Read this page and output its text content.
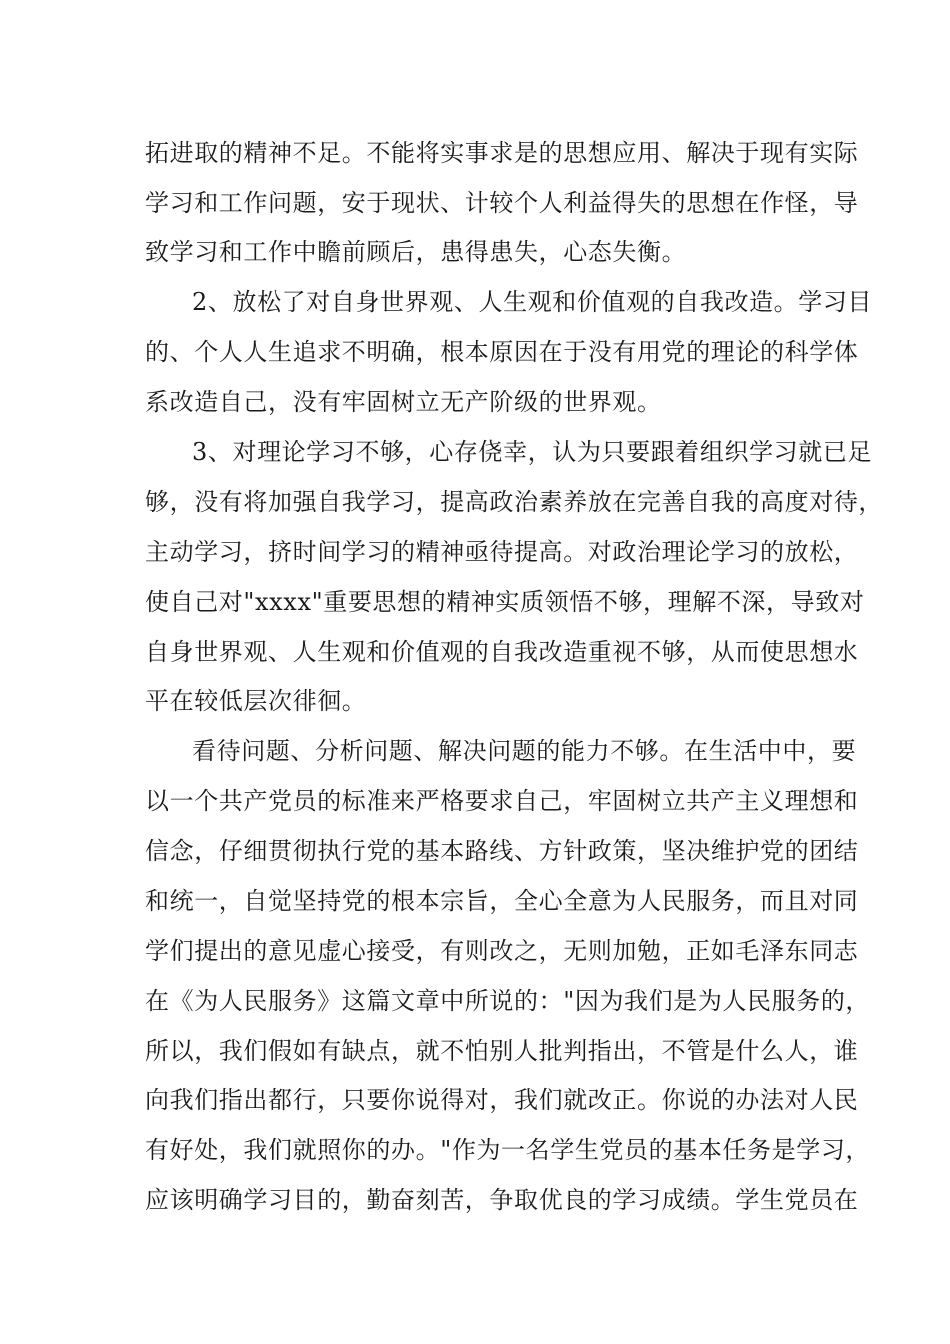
拓进取的精神不足。不能将实事求是的思想应用、解决于现有实际
学习和工作问题，安于现状、计较个人利益得失的思想在作怪，导
致学习和工作中瞻前顾后，患得患失，心态失衡。
2、放松了对自身世界观、人生观和价值观的自我改造。学习目
的、个人人生追求不明确，根本原因在于没有用党的理论的科学体
系改造自己，没有牢固树立无产阶级的世界观。
3、对理论学习不够，心存侥幸，认为只要跟着组织学习就已足
够，没有将加强自我学习，提高政治素养放在完善自我的高度对待，
主动学习，挤时间学习的精神亟待提高。对政治理论学习的放松，
使自己对"xxxx"重要思想的精神实质领悟不够，理解不深，导致对
自身世界观、人生观和价值观的自我改造重视不够，从而使思想水
平在较低层次徘徊。
看待问题、分析问题、解决问题的能力不够。在生活中中，要
以一个共产党员的标准来严格要求自己，牢固树立共产主义理想和
信念，仔细贯彻执行党的基本路线、方针政策，坚决维护党的团结
和统一，自觉坚持党的根本宗旨，全心全意为人民服务，而且对同
学们提出的意见虚心接受，有则改之，无则加勉，正如毛泽东同志
在《为人民服务》这篇文章中所说的："因为我们是为人民服务的，
所以，我们假如有缺点，就不怕别人批判指出，不管是什么人，谁
向我们指出都行，只要你说得对，我们就改正。你说的办法对人民
有好处，我们就照你的办。"作为一名学生党员的基本任务是学习，
应该明确学习目的，勤奋刻苦，争取优良的学习成绩。学生党员在
